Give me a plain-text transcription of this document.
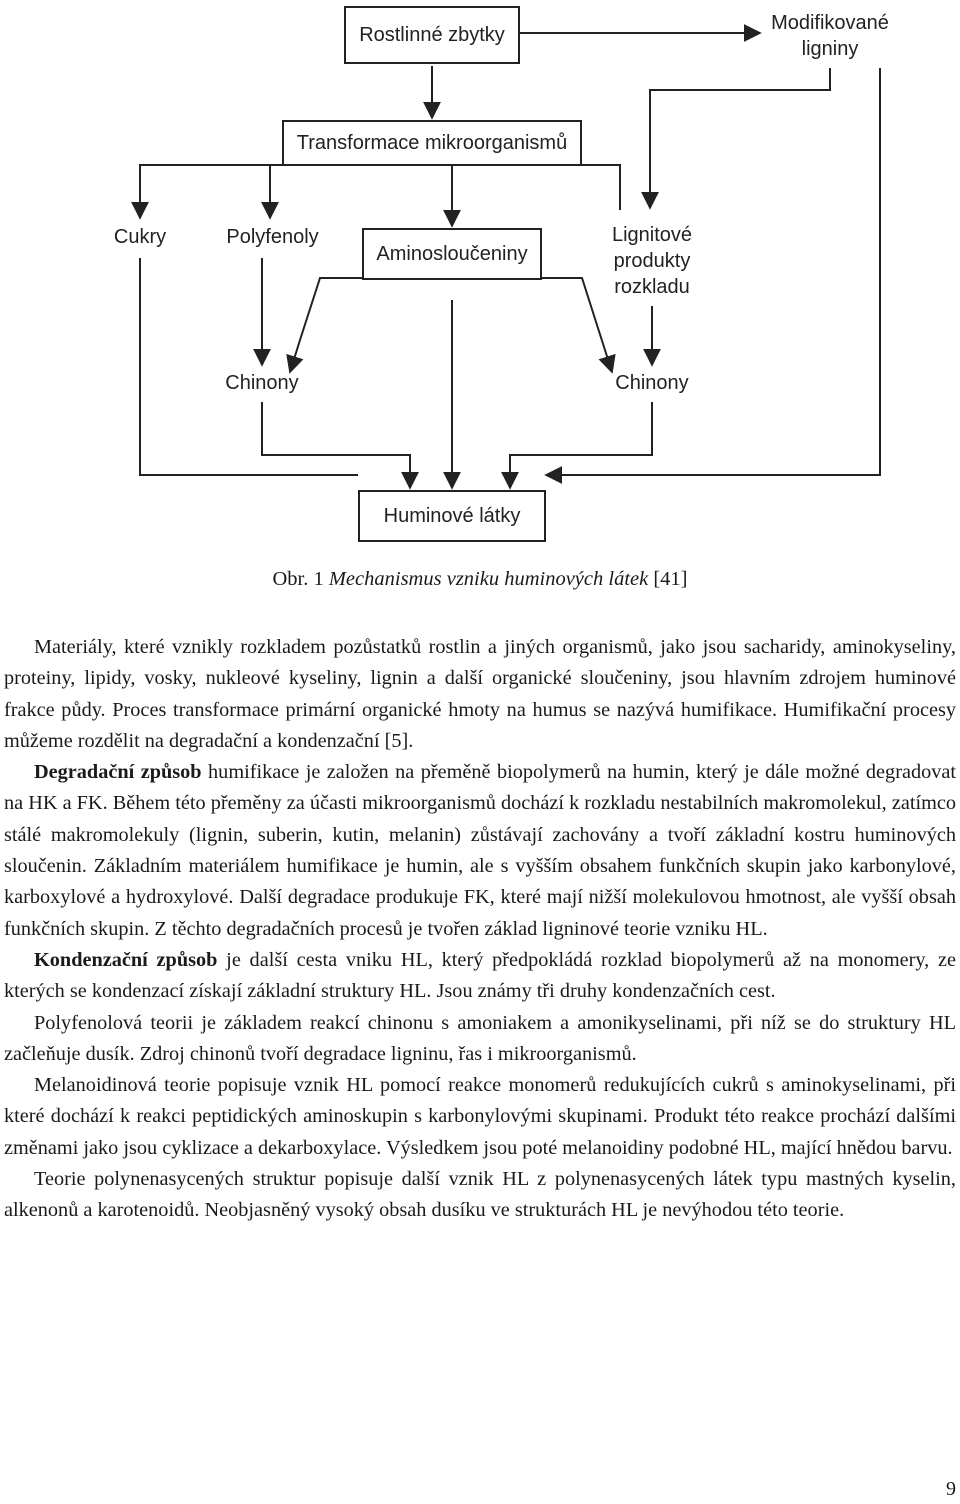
Rostlinné zbytky
Modifikované
ligniny
Transformace mikroorganismů
Cukry	Polyfenoly
Aminosloučeniny
Lignitové
produkty
rozkladu
Chinony	Chinony
Huminové látky
Obr. 1 Mechanismus vzniku huminových látek [41]

Materiály, které vznikly rozkladem pozůstatků rostlin a jiných organismů, jako jsou sacharidy, aminokyseliny, proteiny, lipidy, vosky, nukleové kyseliny, lignin a další organické sloučeniny, jsou hlavním zdrojem huminové frakce půdy. Proces transformace primární organické hmoty na humus se nazývá humifikace. Humifikační procesy můžeme rozdělit na degradační a kondenzační [5].

Degradační způsob humifikace je založen na přeměně biopolymerů na humin, který je dále možné degradovat na HK a FK. Během této přeměny za účasti mikroorganismů dochází k rozkladu nestabilních makromolekul, zatímco stálé makromolekuly (lignin, suberin, kutin, melanin) zůstávají zachovány a tvoří základní kostru huminových sloučenin. Základním materiálem humifikace je humin, ale s vyšším obsahem funkčních skupin jako karbonylové, karboxylové a hydroxylové. Další degradace produkuje FK, které mají nižší molekulovou hmotnost, ale vyšší obsah funkčních skupin. Z těchto degradačních procesů je tvořen základ ligninové teorie vzniku HL.

Kondenzační způsob je další cesta vniku HL, který předpokládá rozklad biopolymerů až na monomery, ze kterých se kondenzací získají základní struktury HL. Jsou známy tři druhy kondenzačních cest.

Polyfenolová teorii je základem reakcí chinonu s amoniakem a amonikyselinami, při níž se do struktury HL začleňuje dusík. Zdroj chinonů tvoří degradace ligninu, řas i mikroorganismů.

Melanoidinová teorie popisuje vznik HL pomocí reakce monomerů redukujících cukrů s aminokyselinami, při které dochází k reakci peptidických aminoskupin s karbonylovými skupinami. Produkt této reakce prochází dalšími změnami jako jsou cyklizace a dekarboxylace. Výsledkem jsou poté melanoidiny podobné HL, mající hnědou barvu.

Teorie polynenasycených struktur popisuje další vznik HL z polynenasycených látek typu mastných kyselin, alkenonů a karotenoidů. Neobjasněný vysoký obsah dusíku ve strukturách HL je nevýhodou této teorie.

9
